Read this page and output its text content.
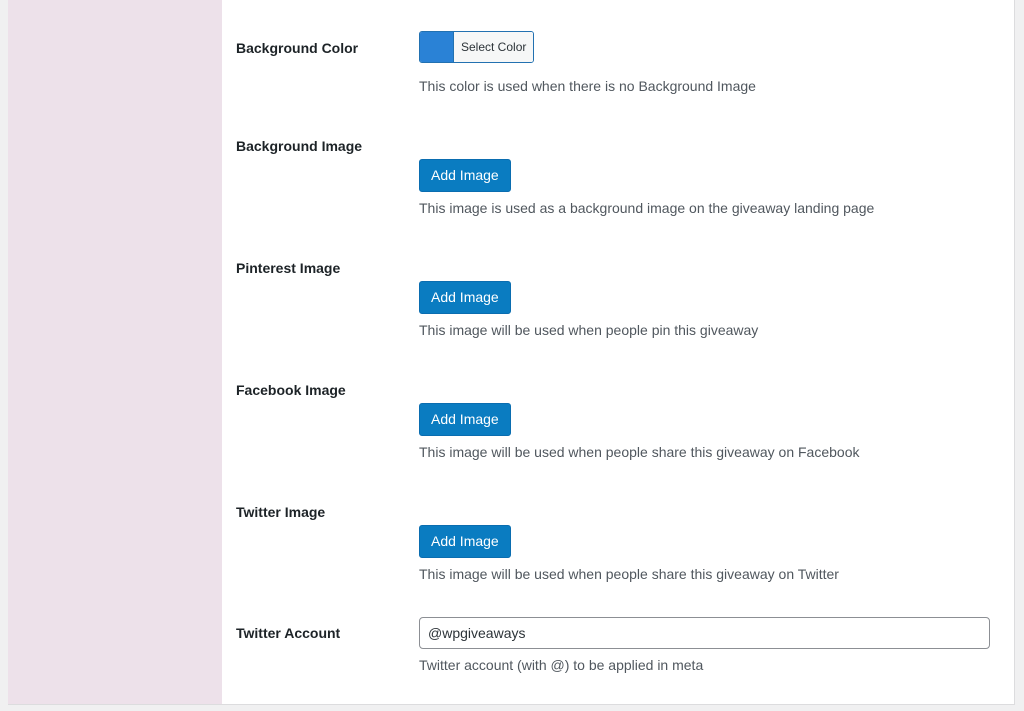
Background Color	Select Color
This color is used when there is no Background Image
Background Image
Add Image
This image is used as a background image on the giveaway landing page
Pinterest Image
Add Image
This image will be used when people pin this giveaway
Facebook Image
Add Image
This image will be used when people share this giveaway on Facebook
Twitter Image
Add Image
This image will be used when people share this giveaway on Twitter
Twitter Account
@wpgiveaways
Twitter account (with @) to be applied in meta
